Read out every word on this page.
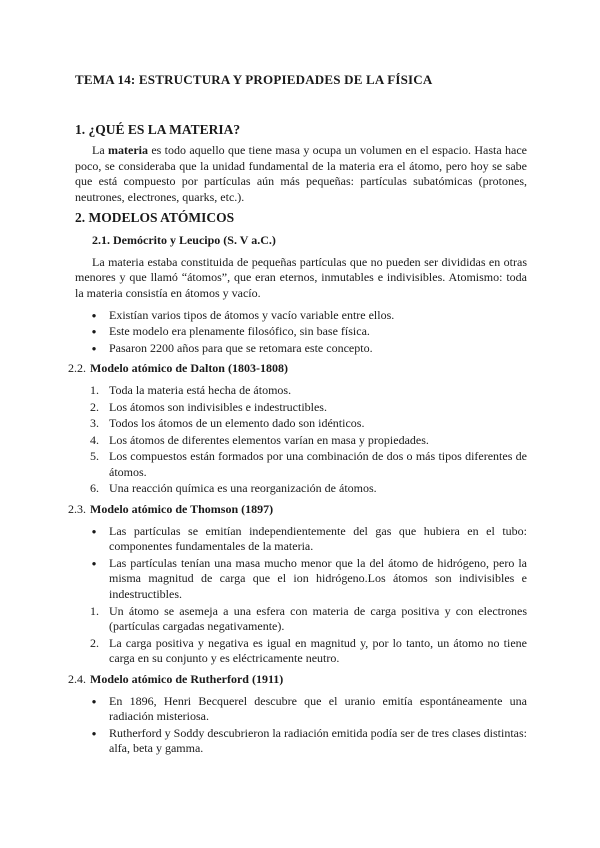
TEMA 14: ESTRUCTURA Y PROPIEDADES DE LA FÍSICA
1. ¿QUÉ ES LA MATERIA?

La materia es todo aquello que tiene masa y ocupa un volumen en el espacio. Hasta hace poco, se consideraba que la unidad fundamental de la materia era el átomo, pero hoy se sabe que está compuesto por partículas aún más pequeñas: partículas subatómicas (protones, neutrones, electrones, quarks, etc.).

2. MODELOS ATÓMICOS
2.1. Demócrito y Leucipo (S. V a.C.)

La materia estaba constituida de pequeñas partículas que no pueden ser divididas en otras menores y que llamó “átomos”, que eran eternos, inmutables e indivisibles. Atomismo: toda la materia consistía en átomos y vacío.

●
Existían varios tipos de átomos y vacío variable entre ellos.
●
Este modelo era plenamente filosófico, sin base física.
●
Pasaron 2200 años para que se retomara este concepto.
2.2. Modelo atómico de Dalton (1803-1808)
1. Toda la materia está hecha de átomos.
2. Los átomos son indivisibles e indestructibles.
3. Todos los átomos de un elemento dado son idénticos.
4. Los átomos de diferentes elementos varían en masa y propiedades.
5. Los compuestos están formados por una combinación de dos o más tipos diferentes de átomos.
6. Una reacción química es una reorganización de átomos.
2.3. Modelo atómico de Thomson (1897)
●
Las partículas se emitían independientemente del gas que hubiera en el tubo: componentes fundamentales de la materia.
●
Las partículas tenían una masa mucho menor que la del átomo de hidrógeno, pero la misma magnitud de carga que el ion hidrógeno.Los átomos son indivisibles e indestructibles.
1. Un átomo se asemeja a una esfera con materia de carga positiva y con electrones (partículas cargadas negativamente).
2. La carga positiva y negativa es igual en magnitud y, por lo tanto, un átomo no tiene carga en su conjunto y es eléctricamente neutro.
2.4. Modelo atómico de Rutherford (1911)
●
En 1896, Henri Becquerel descubre que el uranio emitía espontáneamente una radiación misteriosa.
●
Rutherford y Soddy descubrieron la radiación emitida podía ser de tres clases distintas: alfa, beta y gamma.
